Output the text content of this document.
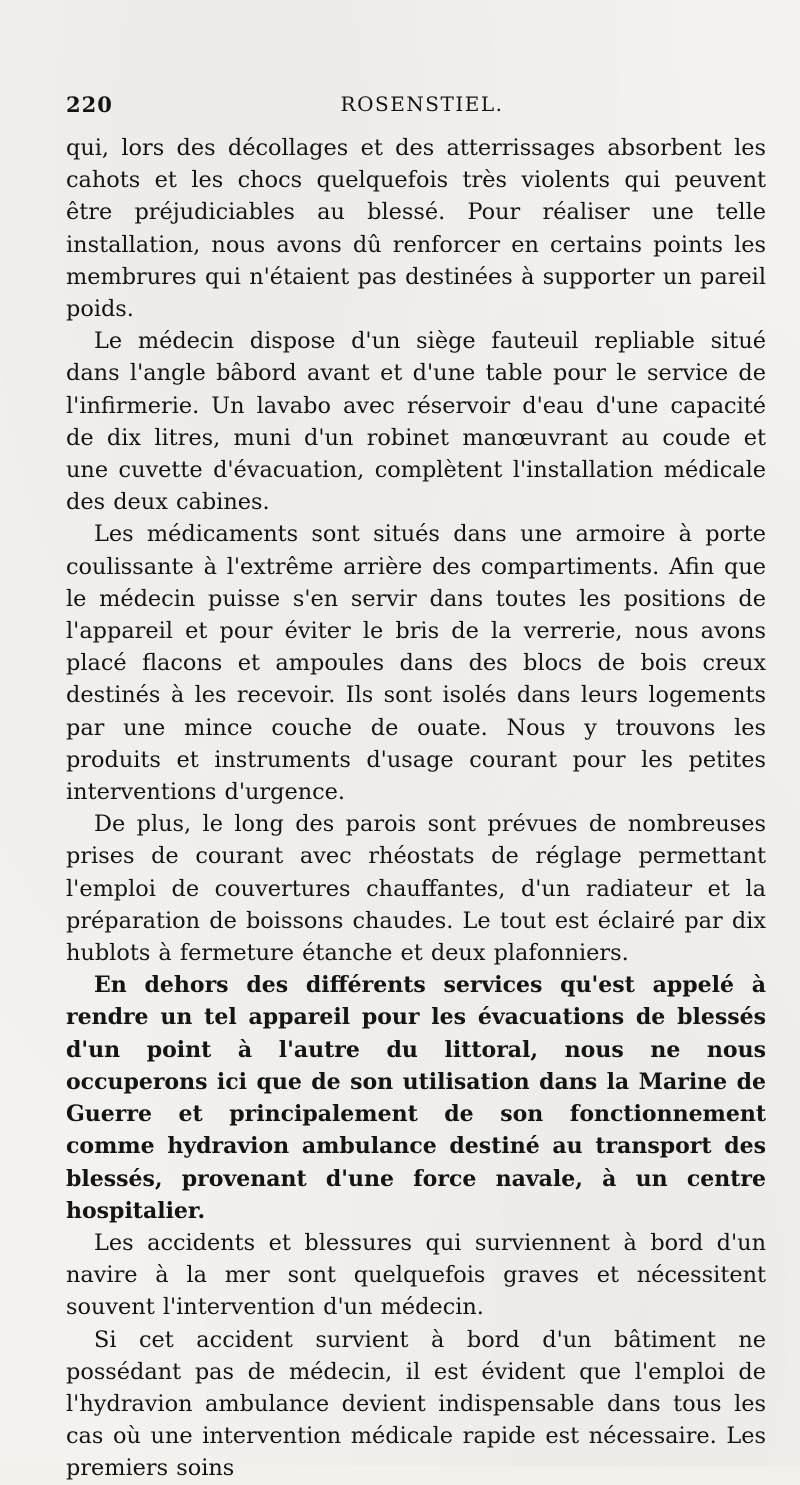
220	ROSENSTIEL.

qui, lors des décollages et des atterrissages absorbent les cahots et les chocs quelquefois très violents qui peuvent être préjudiciables au blessé. Pour réaliser une telle installation, nous avons dû renforcer en certains points les membrures qui n'étaient pas destinées à supporter un pareil poids.

Le médecin dispose d'un siège fauteuil repliable situé dans l'angle bâbord avant et d'une table pour le service de l'infirmerie. Un lavabo avec réservoir d'eau d'une capacité de dix litres, muni d'un robinet manœuvrant au coude et une cuvette d'évacuation, complètent l'installation médicale des deux cabines.

Les médicaments sont situés dans une armoire à porte coulissante à l'extrême arrière des compartiments. Afin que le médecin puisse s'en servir dans toutes les positions de l'appareil et pour éviter le bris de la verrerie, nous avons placé flacons et ampoules dans des blocs de bois creux destinés à les recevoir. Ils sont isolés dans leurs logements par une mince couche de ouate. Nous y trouvons les produits et instruments d'usage courant pour les petites interventions d'urgence.

De plus, le long des parois sont prévues de nombreuses prises de courant avec rhéostats de réglage permettant l'emploi de couvertures chauffantes, d'un radiateur et la préparation de boissons chaudes. Le tout est éclairé par dix hublots à fermeture étanche et deux plafonniers.

En dehors des différents services qu'est appelé à rendre un tel appareil pour les évacuations de blessés d'un point à l'autre du littoral, nous ne nous occuperons ici que de son utilisation dans la Marine de Guerre et principalement de son fonctionnement comme hydravion ambulance destiné au transport des blessés, provenant d'une force navale, à un centre hospitalier.

Les accidents et blessures qui surviennent à bord d'un navire à la mer sont quelquefois graves et nécessitent souvent l'intervention d'un médecin.

Si cet accident survient à bord d'un bâtiment ne possédant pas de médecin, il est évident que l'emploi de l'hydravion ambulance devient indispensable dans tous les cas où une intervention médicale rapide est nécessaire. Les premiers soins
